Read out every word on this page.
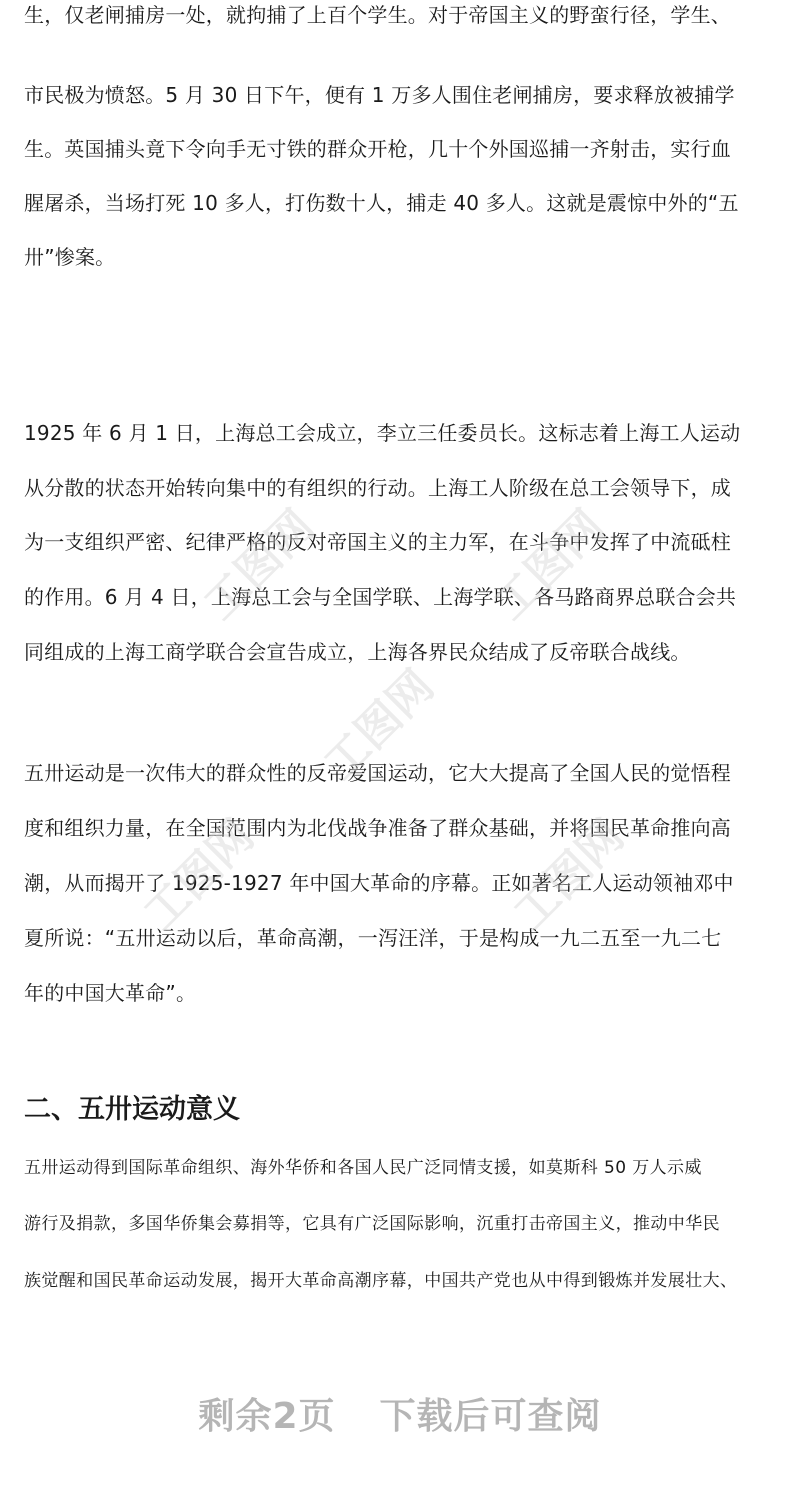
生，仅老闸捕房一处，就拘捕了上百个学生。对于帝国主义的野蛮行径，学生、
市民极为愤怒。5 月 30 日下午，便有 1 万多人围住老闸捕房，要求释放被捕学
生。英国捕头竟下令向手无寸铁的群众开枪，几十个外国巡捕一齐射击，实行血
腥屠杀，当场打死 10 多人，打伤数十人，捕走 40 多人。这就是震惊中外的“五
卅”惨案。
1925 年 6 月 1 日，上海总工会成立，李立三任委员长。这标志着上海工人运动
从分散的状态开始转向集中的有组织的行动。上海工人阶级在总工会领导下，成
为一支组织严密、纪律严格的反对帝国主义的主力军，在斗争中发挥了中流砥柱
的作用。6 月 4 日，上海总工会与全国学联、上海学联、各马路商界总联合会共
同组成的上海工商学联合会宣告成立，上海各界民众结成了反帝联合战线。
五卅运动是一次伟大的群众性的反帝爱国运动，它大大提高了全国人民的觉悟程
度和组织力量，在全国范围内为北伐战争准备了群众基础，并将国民革命推向高
潮，从而揭开了 1925-1927 年中国大革命的序幕。正如著名工人运动领袖邓中
夏所说：“五卅运动以后，革命高潮，一泻汪洋，于是构成一九二五至一九二七
年的中国大革命”。
二、五卅运动意义
五卅运动得到国际革命组织、海外华侨和各国人民广泛同情支援，如莫斯科 50 万人示威
游行及捐款，多国华侨集会募捐等，它具有广泛国际影响，沉重打击帝国主义，推动中华民
族觉醒和国民革命运动发展，揭开大革命高潮序幕，中国共产党也从中得到锻炼并发展壮大、
工图网	工图网
工图网
工图网	工图网
剩余2页 下载后可查阅
